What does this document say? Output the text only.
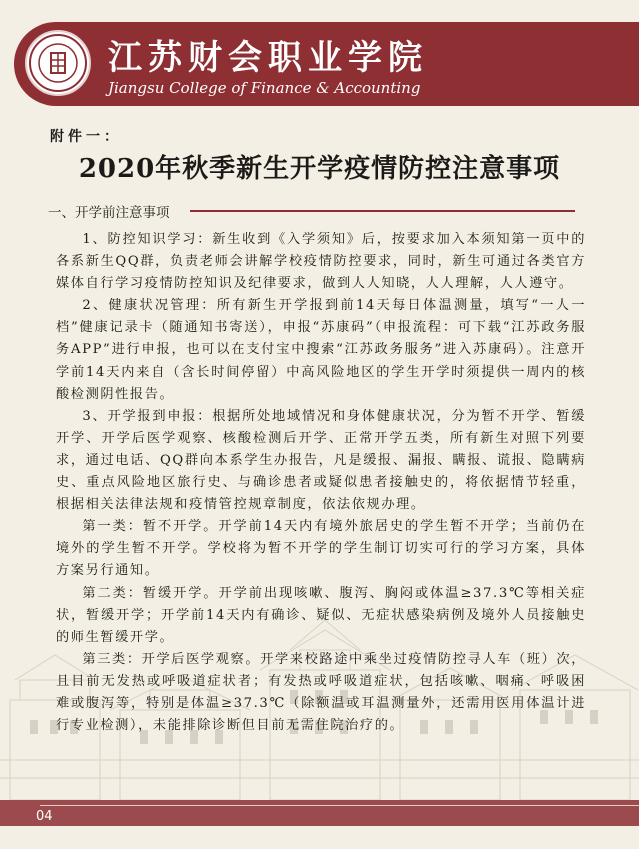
江苏财会职业学院
Jiangsu College of Finance & Accounting
附件一：
2020年秋季新生开学疫情防控注意事项
一、开学前注意事项

1、防控知识学习：新生收到《入学须知》后，按要求加入本须知第一页中的各系新生QQ群，负责老师会讲解学校疫情防控要求，同时，新生可通过各类官方媒体自行学习疫情防控知识及纪律要求，做到人人知晓，人人理解，人人遵守。

2、健康状况管理：所有新生开学报到前14天每日体温测量，填写“一人一档”健康记录卡（随通知书寄送），申报“苏康码”（申报流程：可下载“江苏政务服务APP”进行申报，也可以在支付宝中搜索“江苏政务服务”进入苏康码）。注意开学前14天内来自（含长时间停留）中高风险地区的学生开学时须提供一周内的核酸检测阴性报告。

3、开学报到申报：根据所处地域情况和身体健康状况，分为暂不开学、暂缓开学、开学后医学观察、核酸检测后开学、正常开学五类，所有新生对照下列要求，通过电话、QQ群向本系学生办报告，凡是缓报、漏报、瞒报、谎报、隐瞒病史、重点风险地区旅行史、与确诊患者或疑似患者接触史的，将依据情节轻重，根据相关法律法规和疫情管控规章制度，依法依规办理。

第一类：暂不开学。开学前14天内有境外旅居史的学生暂不开学；当前仍在境外的学生暂不开学。学校将为暂不开学的学生制订切实可行的学习方案，具体方案另行通知。

第二类：暂缓开学。开学前出现咳嗽、腹泻、胸闷或体温≥37.3℃等相关症状，暂缓开学；开学前14天内有确诊、疑似、无症状感染病例及境外人员接触史的师生暂缓开学。

第三类：开学后医学观察。开学来校路途中乘坐过疫情防控寻人车（班）次，且目前无发热或呼吸道症状者；有发热或呼吸道症状，包括咳嗽、咽痛、呼吸困难或腹泻等，特别是体温≥37.3℃（除额温或耳温测量外，还需用医用体温计进行专业检测），未能排除诊断但目前无需住院治疗的。

04
